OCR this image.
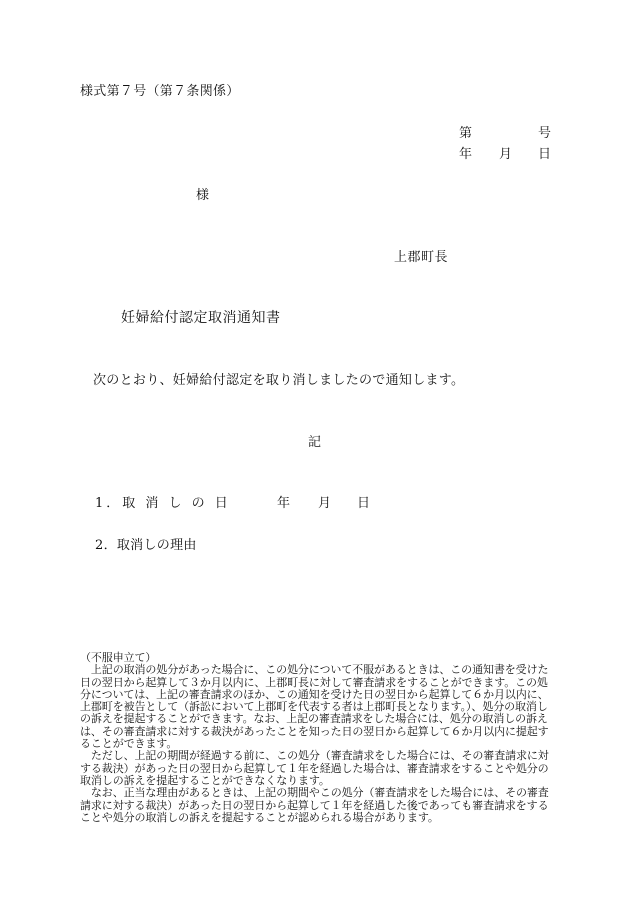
様式第７号（第７条関係）
第	号
年 月 日
様
上郡町長
妊婦給付認定取消通知書
次のとおり、妊婦給付認定を取り消しましたので通知します。
記
1．取 消 し の 日	年 月 日
2．取消しの理由

（不服申立て）

　上記の取消の処分があった場合に、この処分について不服があるときは、この通知書を受けた日の翌日から起算して３か月以内に、上郡町長に対して審査請求をすることができます。この処分については、上記の審査請求のほか、この通知を受けた日の翌日から起算して６か月以内に、上郡町を被告として（訴訟において上郡町を代表する者は上郡町長となります。）、処分の取消しの訴えを提起することができます。なお、上記の審査請求をした場合には、処分の取消しの訴えは、その審査請求に対する裁決があったことを知った日の翌日から起算して６か月以内に提起することができます。

　ただし、上記の期間が経過する前に、この処分（審査請求をした場合には、その審査請求に対する裁決）があった日の翌日から起算して１年を経過した場合は、審査請求をすることや処分の取消しの訴えを提起することができなくなります。

　なお、正当な理由があるときは、上記の期間やこの処分（審査請求をした場合には、その審査請求に対する裁決）があった日の翌日から起算して１年を経過した後であっても審査請求をすることや処分の取消しの訴えを提起することが認められる場合があります。
